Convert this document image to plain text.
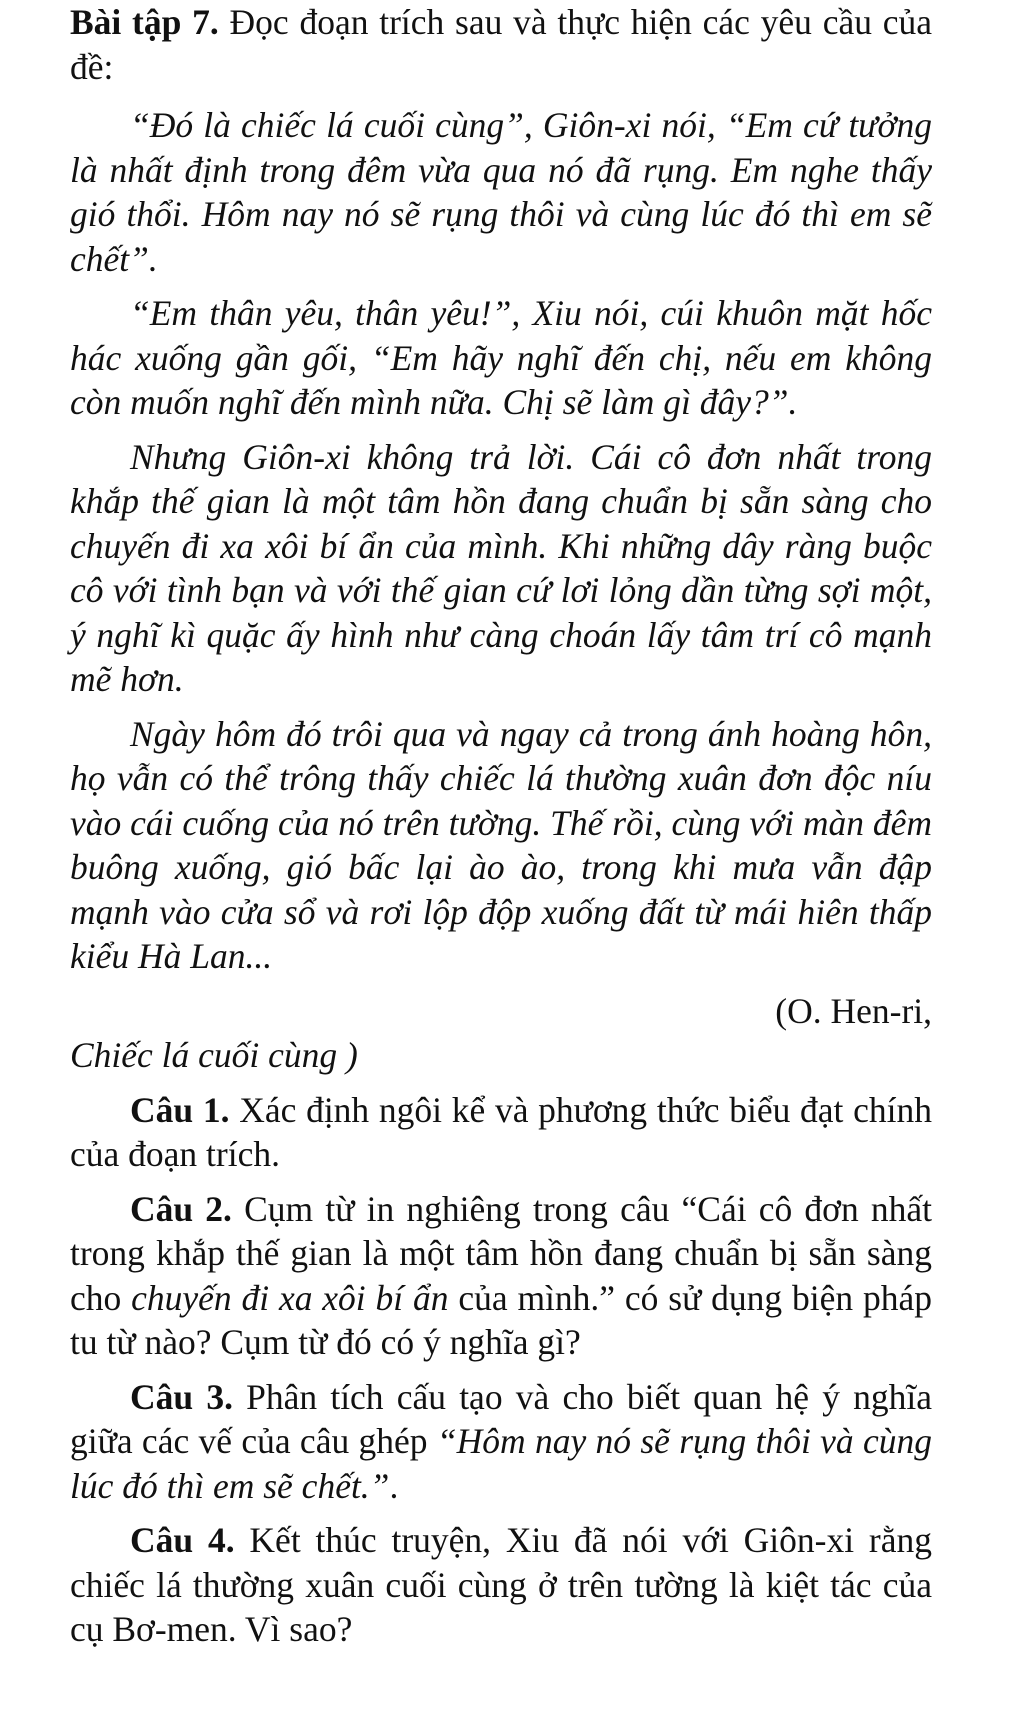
Bài tập 7. Đọc đoạn trích sau và thực hiện các yêu cầu của đề:

“Đó là chiếc lá cuối cùng”, Giôn-xi nói, “Em cứ tưởng là nhất định trong đêm vừa qua nó đã rụng. Em nghe thấy gió thổi. Hôm nay nó sẽ rụng thôi và cùng lúc đó thì em sẽ chết”.

“Em thân yêu, thân yêu!”, Xiu nói, cúi khuôn mặt hốc hác xuống gần gối, “Em hãy nghĩ đến chị, nếu em không còn muốn nghĩ đến mình nữa. Chị sẽ làm gì đây?”.

Nhưng Giôn-xi không trả lời. Cái cô đơn nhất trong khắp thế gian là một tâm hồn đang chuẩn bị sẵn sàng cho chuyến đi xa xôi bí ẩn của mình. Khi những dây ràng buộc cô với tình bạn và với thế gian cứ lơi lỏng dần từng sợi một, ý nghĩ kì quặc ấy hình như càng choán lấy tâm trí cô mạnh mẽ hơn.

Ngày hôm đó trôi qua và ngay cả trong ánh hoàng hôn, họ vẫn có thể trông thấy chiếc lá thường xuân đơn độc níu vào cái cuống của nó trên tường. Thế rồi, cùng với màn đêm buông xuống, gió bấc lại ào ào, trong khi mưa vẫn đập mạnh vào cửa sổ và rơi lộp độp xuống đất từ mái hiên thấp kiểu Hà Lan...

(O. Hen-ri,

Chiếc lá cuối cùng )

Câu 1. Xác định ngôi kể và phương thức biểu đạt chính của đoạn trích.

Câu 2. Cụm từ in nghiêng trong câu “Cái cô đơn nhất trong khắp thế gian là một tâm hồn đang chuẩn bị sẵn sàng cho chuyến đi xa xôi bí ẩn của mình.” có sử dụng biện pháp tu từ nào? Cụm từ đó có ý nghĩa gì?

Câu 3. Phân tích cấu tạo và cho biết quan hệ ý nghĩa giữa các vế của câu ghép “Hôm nay nó sẽ rụng thôi và cùng lúc đó thì em sẽ chết.”.

Câu 4. Kết thúc truyện, Xiu đã nói với Giôn-xi rằng chiếc lá thường xuân cuối cùng ở trên tường là kiệt tác của cụ Bơ-men. Vì sao?
